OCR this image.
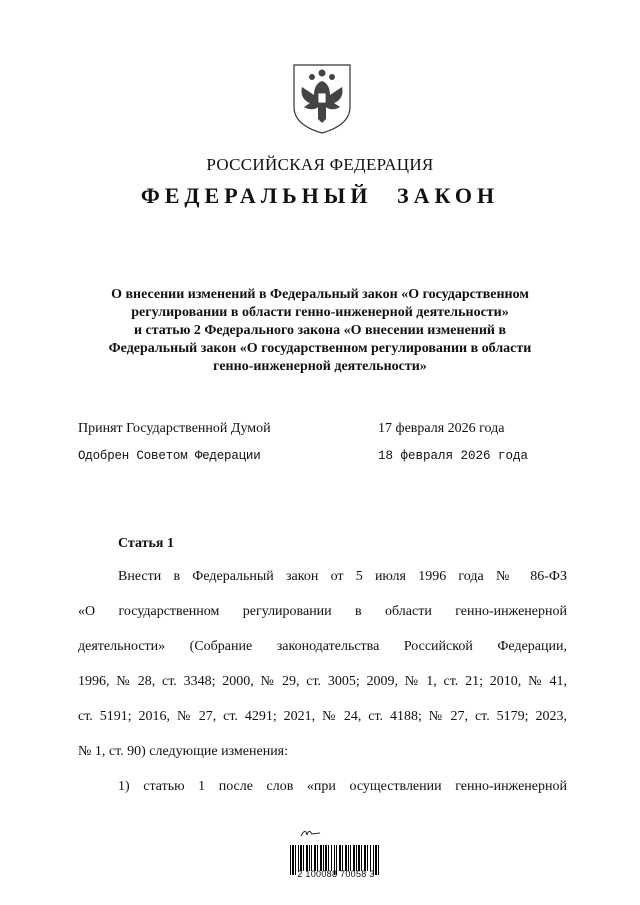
РОССИЙСКАЯ ФЕДЕРАЦИЯ
ФЕДЕРАЛЬНЫЙ ЗАКОН
О внесении изменений в Федеральный закон «О государственном
регулировании в области генно-инженерной деятельности»
и статью 2 Федерального закона «О внесении изменений в
Федеральный закон «О государственном регулировании в области
генно-инженерной деятельности»
Принят Государственной Думой	17 февраля 2026 года
Одобрен Советом Федерации	18 февраля 2026 года
Статья 1
Внести в Федеральный закон от 5 июля 1996 года № 86-ФЗ
«О государственном регулировании в области генно-инженерной
деятельности» (Собрание законодательства Российской Федерации,
1996, № 28, ст. 3348; 2000, № 29, ст. 3005; 2009, № 1, ст. 21; 2010, № 41,
ст. 5191; 2016, № 27, ст. 4291; 2021, № 24, ст. 4188; № 27, ст. 5179; 2023,
№ 1, ст. 90) следующие изменения:
1) статью 1 после слов «при осуществлении генно-инженерной
2 100088 70058 3
